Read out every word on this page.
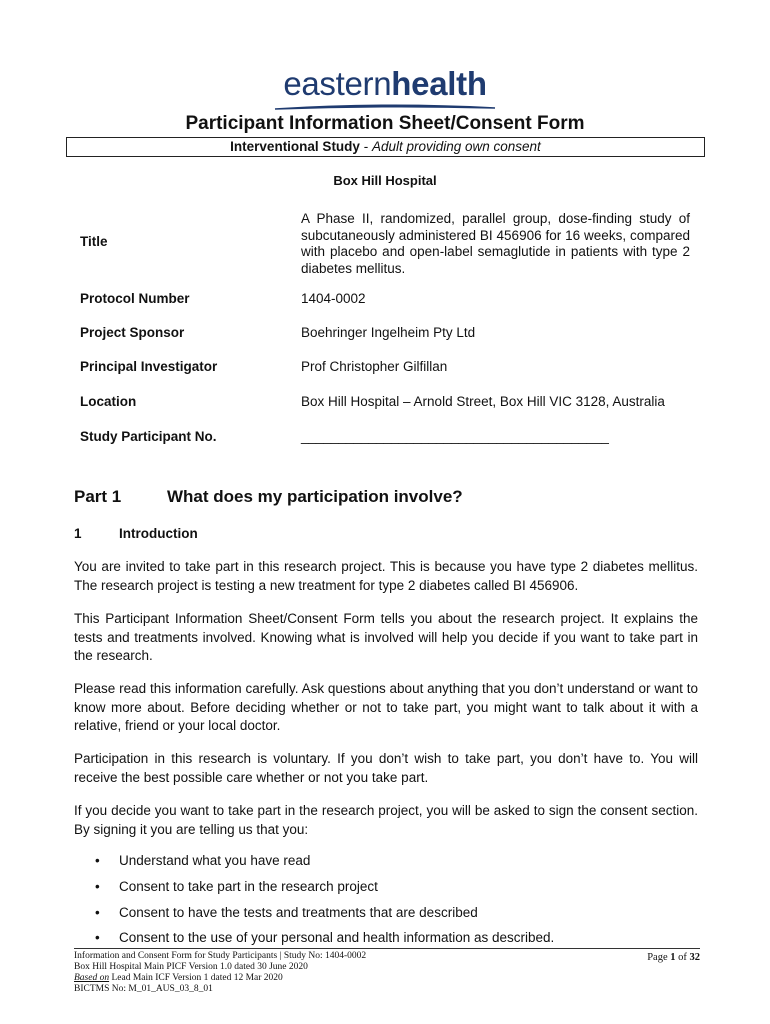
easternhealth
Participant Information Sheet/Consent Form
Interventional Study - Adult providing own consent
Box Hill Hospital
Title
A Phase II, randomized, parallel group, dose-finding study of subcutaneously administered BI 456906 for 16 weeks, compared with placebo and open-label semaglutide in patients with type 2 diabetes mellitus.
Protocol Number	1404-0002
Project Sponsor	Boehringer Ingelheim Pty Ltd
Principal Investigator	Prof Christopher Gilfillan
Location	Box Hill Hospital – Arnold Street, Box Hill VIC 3128, Australia
Study Participant No.	_________________________________________
Part 1	What does my participation involve?
1	Introduction

You are invited to take part in this research project. This is because you have type 2 diabetes mellitus. The research project is testing a new treatment for type 2 diabetes called BI 456906.

This Participant Information Sheet/Consent Form tells you about the research project. It explains the tests and treatments involved. Knowing what is involved will help you decide if you want to take part in the research.

Please read this information carefully. Ask questions about anything that you don’t understand or want to know more about. Before deciding whether or not to take part, you might want to talk about it with a relative, friend or your local doctor.

Participation in this research is voluntary. If you don’t wish to take part, you don’t have to. You will receive the best possible care whether or not you take part.

If you decide you want to take part in the research project, you will be asked to sign the consent section. By signing it you are telling us that you:

• Understand what you have read
• Consent to take part in the research project
• Consent to have the tests and treatments that are described
• Consent to the use of your personal and health information as described.
Information and Consent Form for Study Participants | Study No: 1404-0002
Box Hill Hospital Main PICF Version 1.0 dated 30 June 2020
Based on Lead Main ICF Version 1 dated 12 Mar 2020
BICTMS No: M_01_AUS_03_8_01
Page 1 of 32
